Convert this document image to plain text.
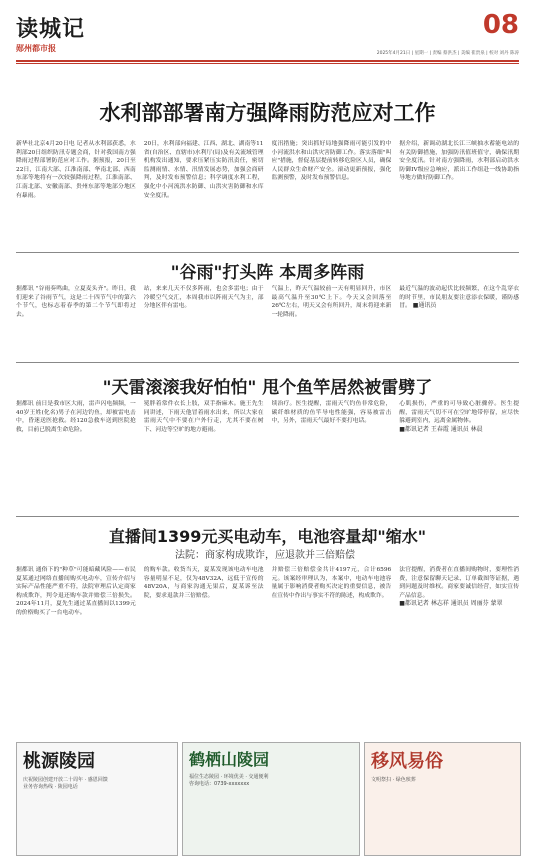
读城记
郧州都市报
08
2025年4月21日 | 星期一 | 责编 蔡洪杰 | 美编 崔贵泉 | 校对 刘丹 陈涛
水利部部署南方强降雨防范应对工作
新华社北京4月20日电 记者从水利部获悉，水利部20日组织防汛专题会商，针对我国南方强降雨过程部署防范应对工作。据预报，20日至22日，江南大部、江淮南部、华南北部、西南东部等地将有一次较强降雨过程，江淮南部、江南北部、安徽南部、贵州东部等地部分地区有暴雨。
20日，水利部向福建、江西、湖北、湖南等11省(自治区、直辖市)水利厅(局)及有关流域管理机构发出通知，要求压紧压实防汛责任，密切监测雨情、水情、汛情发展态势，加强会商研判，及时发布预警信息；科学调度水利工程，强化中小河流洪水防御、山洪灾害防御和水库安全度汛。
度汛措施；突出抓好局地强降雨可能引发的中小河流洪水和山洪灾害防御工作。落实落细"叫应"措施，督促基层提前转移危险区人员，确保人民群众生命财产安全。滚动更新预报，强化监测预警，及时发布预警信息。
据介绍，新调动湖北长江三峡抽水蓄能电站的有关防御措施，加强防汛值班值守，确保汛期安全度汛。针对南方强降雨，水利部启动洪水防御IV级应急响应，派出工作组赴一线协助指导地方做好防御工作。
"谷雨"打头阵 本周多阵雨
据都讯 "谷雨奏鸣曲，立夏麦头齐"。昨日，我们迎来了谷雨节气，这是二十四节气中的第六个节气，也标志着春季的第二个节气即将过去。
站，来来几天不仅多阵雨，也会多雷电；由于冷暖空气交汇，本周我市以阵雨天气为主，部分地区伴有雷电。
气温上，昨天气温较前一天有明显回升，市区最高气温升至30℃上下。今天又会回落至26℃左右，明天又会有所回升，周末将迎来新一轮降雨。
最近气温的波动起伏比较频繁，在这个乱穿衣的时节里，市民朋友要注意添衣保暖，谨防感冒。 ■通讯员
"天雷滚滚我好怕怕" 甩个鱼竿居然被雷劈了
据都讯 前日是我市区大雨，雷声闪电频频，一40岁王姓(化名)男子在河边钓鱼，却被雷电击中，昏迷送医抢救。经120急救车送到医院抢救，目前已脱离生命危险。
冕胖着常件衣长上肢，双手指麻木。施王先生同讲述，下雨天他冒着雨水出来，所以大家在雷雨天气中不要在户外行走，尤其不要在树下、河边等空旷的地方避雨。
续治疗。医生提醒，雷雨天气钓鱼非常危险，碳纤维材质的鱼竿导电性能强，容易被雷击中，另外，雷雨天气最好不要打电话。
心肌损伤，严重的可导致心脏骤停。医生提醒，雷雨天气切不可在空旷地带停留，应尽快躲避到室内，远离金属物体。
■都讯记者 王春霞 通讯员 林晨
直播间1399元买电动车，电池容量却"缩水"
法院：商家构成欺诈，应退款并三倍赔偿
据都讯 通俗下的"种草"可能暗藏风险——市民夏某通过网络直播间购买电动车，宣传介绍与实际产品性能严重不符，法院审理后认定商家构成欺诈，判令退还购车款并赔偿三倍损失。2024年11月，夏先生通过某直播间以1399元的价格购买了一台电动车。
的购车款。收货当天，夏某发现该电动车电池容量明显不足，仅为48V32A，远低于宣传的48V20A，与商家沟通无果后，夏某诉至法院，要求退款并三倍赔偿。
并赔偿三倍赔偿金共计4197元，合计6596元。该案经审理认为，本案中，电动车电池容量属于影响消费者购买决定的重要信息，被告在宣传中作出与事实不符的陈述，构成欺诈。
法官提醒，消费者在直播间购物时，要理性消费，注意保留聊天记录、订单截图等证据，遇到问题及时维权。商家要诚信经营，如实宣传产品信息。
■都讯记者 林志祥 通讯员 周丽芬 蒙翠
桃源陵园
庆祝陵园创建开放二十周年 · 感恩回馈
业务咨询热线 · 陵园电话
鹤栖山陵园
福位生态陵园 · 环境优美 · 交通便利
咨询电话：0739-xxxxxxx
移风易俗
文明祭扫 · 绿色殡葬
